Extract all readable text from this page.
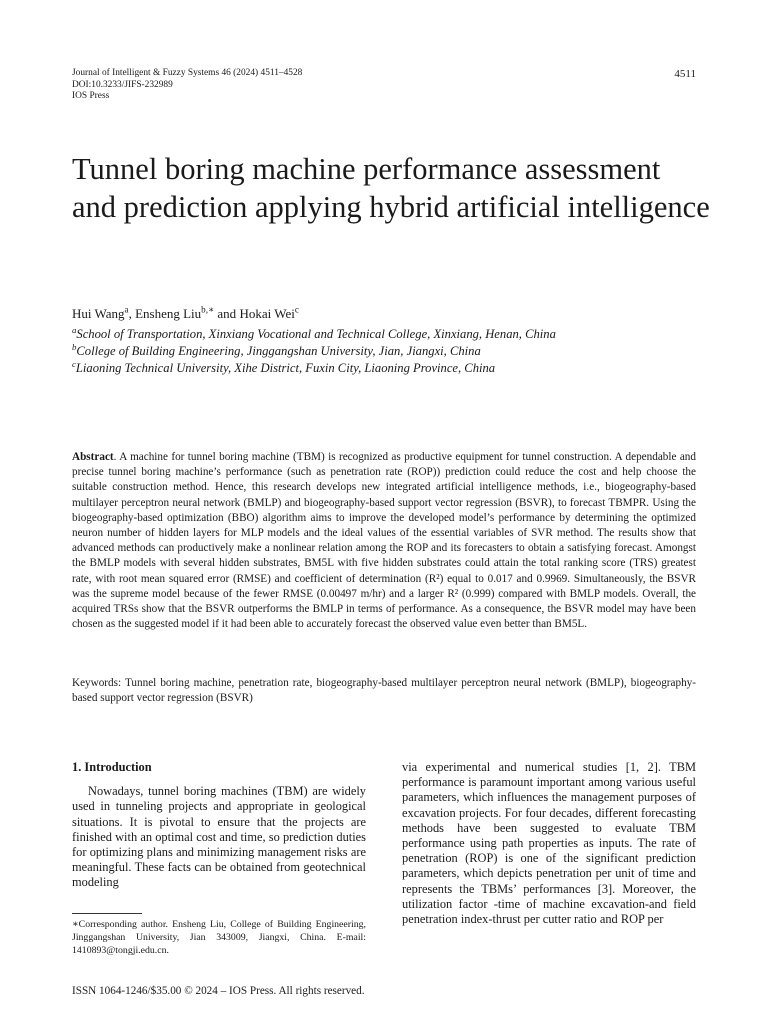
Journal of Intelligent & Fuzzy Systems 46 (2024) 4511–4528
DOI:10.3233/JIFS-232989
IOS Press
4511
Tunnel boring machine performance assessment and prediction applying hybrid artificial intelligence
Hui Wang$^a$, Ensheng Liu$^{b,∗}$ and Hokai Wei$^c$
$^a$School of Transportation, Xinxiang Vocational and Technical College, Xinxiang, Henan, China
$^b$College of Building Engineering, Jinggangshan University, Jian, Jiangxi, China
$^c$Liaoning Technical University, Xihe District, Fuxin City, Liaoning Province, China

Abstract. A machine for tunnel boring machine (TBM) is recognized as productive equipment for tunnel construction. A dependable and precise tunnel boring machine’s performance (such as penetration rate (ROP)) prediction could reduce the cost and help choose the suitable construction method. Hence, this research develops new integrated artificial intelligence methods, i.e., biogeography-based multilayer perceptron neural network (BMLP) and biogeography-based support vector regression (BSVR), to forecast TBMPR. Using the biogeography-based optimization (BBO) algorithm aims to improve the developed model’s performance by determining the optimized neuron number of hidden layers for MLP models and the ideal values of the essential variables of SVR method. The results show that advanced methods can productively make a nonlinear relation among the ROP and its forecasters to obtain a satisfying forecast. Amongst the BMLP models with several hidden substrates, BM5L with five hidden substrates could attain the total ranking score (TRS) greatest rate, with root mean squared error (RMSE) and coefficient of determination (R²) equal to 0.017 and 0.9969. Simultaneously, the BSVR was the supreme model because of the fewer RMSE (0.00497 m/hr) and a larger R² (0.999) compared with BMLP models. Overall, the acquired TRSs show that the BSVR outperforms the BMLP in terms of performance. As a consequence, the BSVR model may have been chosen as the suggested model if it had been able to accurately forecast the observed value even better than BM5L.

Keywords: Tunnel boring machine, penetration rate, biogeography-based multilayer perceptron neural network (BMLP), biogeography-based support vector regression (BSVR)

1. Introduction

Nowadays, tunnel boring machines (TBM) are widely used in tunneling projects and appropriate in geological situations. It is pivotal to ensure that the projects are finished with an optimal cost and time, so prediction duties for optimizing plans and minimizing management risks are meaningful. These facts can be obtained from geotechnical modeling

via experimental and numerical studies [1, 2]. TBM performance is paramount important among various useful parameters, which influences the management purposes of excavation projects. For four decades, different forecasting methods have been suggested to evaluate TBM performance using path properties as inputs. The rate of penetration (ROP) is one of the significant prediction parameters, which depicts penetration per unit of time and represents the TBMs’ performances [3]. Moreover, the utilization factor -time of machine excavation-and field penetration index-thrust per cutter ratio and ROP per

∗Corresponding author. Ensheng Liu, College of Building Engineering, Jinggangshan University, Jian 343009, Jiangxi, China. E-mail: 1410893@tongji.edu.cn.

ISSN 1064-1246/$35.00 © 2024 – IOS Press. All rights reserved.
